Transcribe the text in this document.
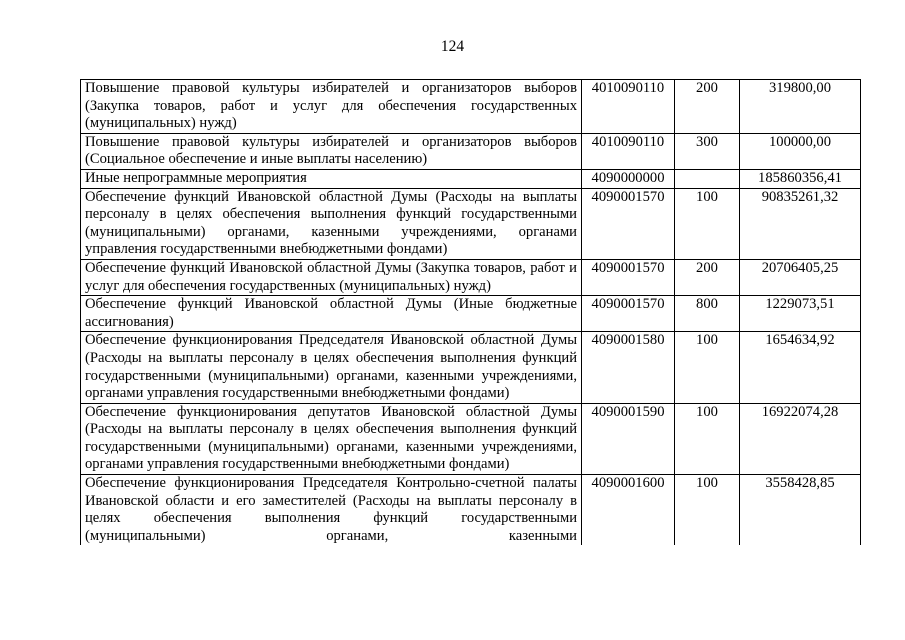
124
Повышение правовой культуры избирателей и организаторов выборов (Закупка товаров, работ и услуг для обеспечения государственных (муниципальных) нужд)	4010090110	200	319800,00
Повышение правовой культуры избирателей и организаторов выборов (Социальное обеспечение и иные выплаты населению)	4010090110	300	100000,00
Иные непрограммные мероприятия	4090000000		185860356,41
Обеспечение функций Ивановской областной Думы (Расходы на выплаты персоналу в целях обеспечения выполнения функций государственными (муниципальными) органами, казенными учреждениями, органами управления государственными внебюджетными фондами)	4090001570	100	90835261,32
Обеспечение функций Ивановской областной Думы (Закупка товаров, работ и услуг для обеспечения государственных (муниципальных) нужд)	4090001570	200	20706405,25
Обеспечение функций Ивановской областной Думы (Иные бюджетные ассигнования)	4090001570	800	1229073,51
Обеспечение функционирования Председателя Ивановской областной Думы (Расходы на выплаты персоналу в целях обеспечения выполнения функций государственными (муниципальными) органами, казенными учреждениями, органами управления государственными внебюджетными фондами)	4090001580	100	1654634,92
Обеспечение функционирования депутатов Ивановской областной Думы (Расходы на выплаты персоналу в целях обеспечения выполнения функций государственными (муниципальными) органами, казенными учреждениями, органами управления государственными внебюджетными фондами)	4090001590	100	16922074,28
Обеспечение функционирования Председателя Контрольно-счетной палаты Ивановской области и его заместителей (Расходы на выплаты персоналу в целях обеспечения выполнения функций государственными (муниципальными) органами, казенными	4090001600	100	3558428,85
